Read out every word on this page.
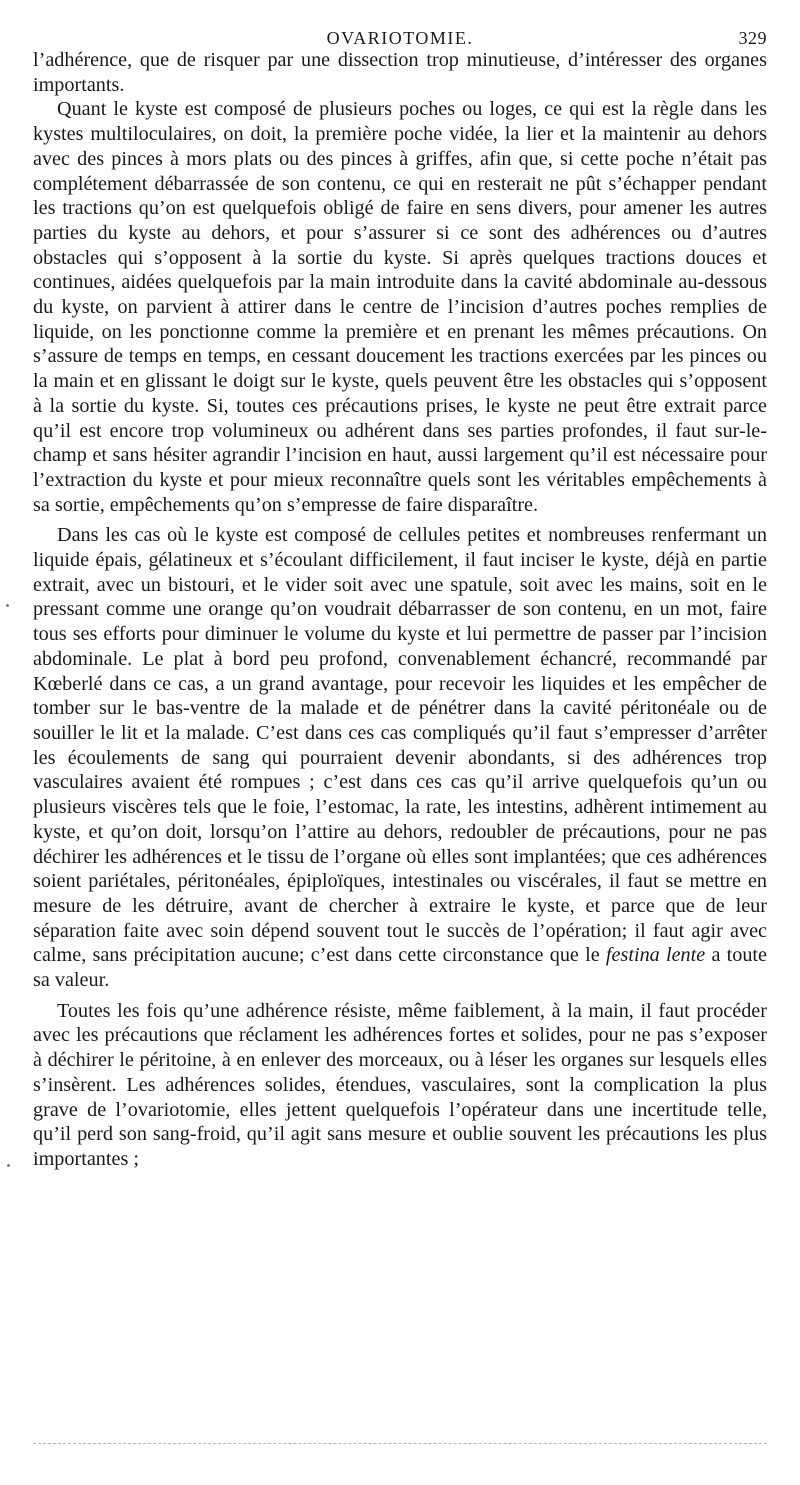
OVARIOTOMIE.	329

l’adhérence, que de risquer par une dissection trop minutieuse, d’intéresser des organes importants.

Quant le kyste est composé de plusieurs poches ou loges, ce qui est la règle dans les kystes multiloculaires, on doit, la première poche vidée, la lier et la maintenir au dehors avec des pinces à mors plats ou des pinces à griffes, afin que, si cette poche n’était pas complétement débarrassée de son contenu, ce qui en resterait ne pût s’échapper pendant les tractions qu’on est quelquefois obligé de faire en sens divers, pour amener les autres parties du kyste au dehors, et pour s’assurer si ce sont des adhérences ou d’autres obstacles qui s’opposent à la sortie du kyste. Si après quelques tractions douces et continues, aidées quelquefois par la main introduite dans la cavité abdominale au-dessous du kyste, on parvient à attirer dans le centre de l’incision d’autres poches remplies de liquide, on les ponctionne comme la première et en prenant les mêmes précautions. On s’assure de temps en temps, en cessant doucement les tractions exercées par les pinces ou la main et en glissant le doigt sur le kyste, quels peuvent être les obstacles qui s’opposent à la sortie du kyste. Si, toutes ces précautions prises, le kyste ne peut être extrait parce qu’il est encore trop volumineux ou adhérent dans ses parties profondes, il faut sur-le-champ et sans hésiter agrandir l’incision en haut, aussi largement qu’il est nécessaire pour l’extraction du kyste et pour mieux reconnaître quels sont les véritables empêchements à sa sortie, empêchements qu’on s’empresse de faire disparaître.

Dans les cas où le kyste est composé de cellules petites et nombreuses renfermant un liquide épais, gélatineux et s’écoulant difficilement, il faut inciser le kyste, déjà en partie extrait, avec un bistouri, et le vider soit avec une spatule, soit avec les mains, soit en le pressant comme une orange qu’on voudrait débarrasser de son contenu, en un mot, faire tous ses efforts pour diminuer le volume du kyste et lui permettre de passer par l’incision abdominale. Le plat à bord peu profond, convenablement échancré, recommandé par Kœberlé dans ce cas, a un grand avantage, pour recevoir les liquides et les empêcher de tomber sur le bas-ventre de la malade et de pénétrer dans la cavité péritonéale ou de souiller le lit et la malade. C’est dans ces cas compliqués qu’il faut s’empresser d’arrêter les écoulements de sang qui pourraient devenir abondants, si des adhérences trop vasculaires avaient été rompues ; c’est dans ces cas qu’il arrive quelquefois qu’un ou plusieurs viscères tels que le foie, l’estomac, la rate, les intestins, adhèrent intimement au kyste, et qu’on doit, lorsqu’on l’attire au dehors, redoubler de précautions, pour ne pas déchirer les adhérences et le tissu de l’organe où elles sont implantées; que ces adhérences soient pariétales, péritonéales, épiploïques, intestinales ou viscérales, il faut se mettre en mesure de les détruire, avant de chercher à extraire le kyste, et parce que de leur séparation faite avec soin dépend souvent tout le succès de l’opération; il faut agir avec calme, sans précipitation aucune; c’est dans cette circonstance que le festina lente a toute sa valeur.

Toutes les fois qu’une adhérence résiste, même faiblement, à la main, il faut procéder avec les précautions que réclament les adhérences fortes et solides, pour ne pas s’exposer à déchirer le péritoine, à en enlever des morceaux, ou à léser les organes sur lesquels elles s’insèrent. Les adhérences solides, étendues, vasculaires, sont la complication la plus grave de l’ovariotomie, elles jettent quelquefois l’opérateur dans une incertitude telle, qu’il perd son sang-froid, qu’il agit sans mesure et oublie souvent les précautions les plus importantes ;
